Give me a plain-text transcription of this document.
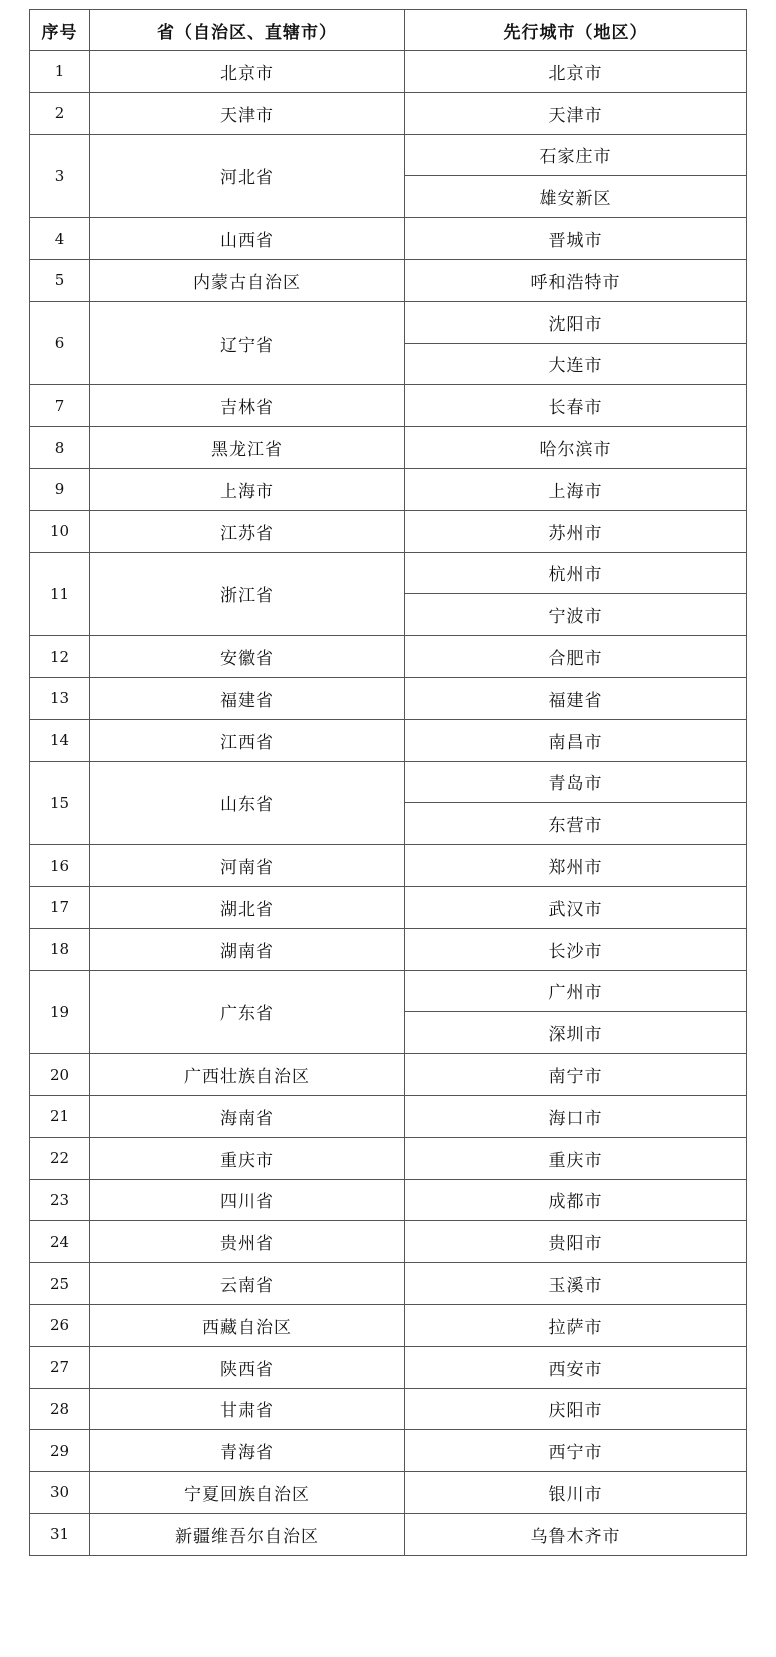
序号	省（自治区、直辖市）	先行城市（地区）
1	北京市	北京市
2	天津市	天津市
3	河北省	石家庄市
		雄安新区
4	山西省	晋城市
5	内蒙古自治区	呼和浩特市
6	辽宁省	沈阳市
		大连市
7	吉林省	长春市
8	黑龙江省	哈尔滨市
9	上海市	上海市
10	江苏省	苏州市
11	浙江省	杭州市
		宁波市
12	安徽省	合肥市
13	福建省	福建省
14	江西省	南昌市
15	山东省	青岛市
		东营市
16	河南省	郑州市
17	湖北省	武汉市
18	湖南省	长沙市
19	广东省	广州市
		深圳市
20	广西壮族自治区	南宁市
21	海南省	海口市
22	重庆市	重庆市
23	四川省	成都市
24	贵州省	贵阳市
25	云南省	玉溪市
26	西藏自治区	拉萨市
27	陕西省	西安市
28	甘肃省	庆阳市
29	青海省	西宁市
30	宁夏回族自治区	银川市
31	新疆维吾尔自治区	乌鲁木齐市
